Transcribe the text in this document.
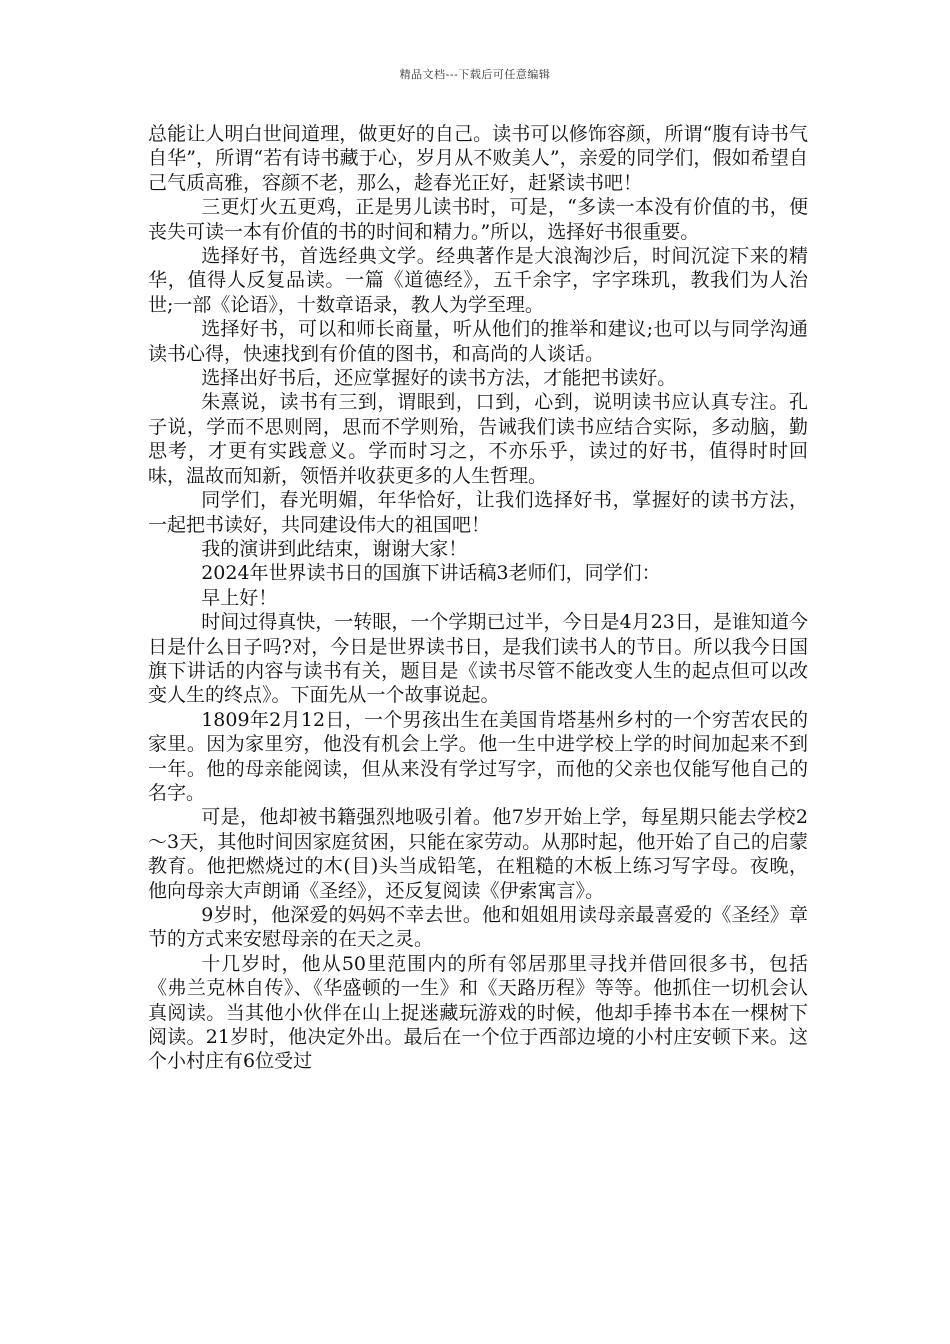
精品文档---下载后可任意编辑

总能让人明白世间道理，做更好的自己。读书可以修饰容颜，所谓“腹有诗书气自华”，所谓“若有诗书藏于心，岁月从不败美人”，亲爱的同学们，假如希望自己气质高雅，容颜不老，那么，趁春光正好，赶紧读书吧！

三更灯火五更鸡，正是男儿读书时，可是，“多读一本没有价值的书，便丧失可读一本有价值的书的时间和精力。”所以，选择好书很重要。

选择好书，首选经典文学。经典著作是大浪淘沙后，时间沉淀下来的精华，值得人反复品读。一篇《道德经》，五千余字，字字珠玑，教我们为人治世;一部《论语》，十数章语录，教人为学至理。

选择好书，可以和师长商量，听从他们的推举和建议;也可以与同学沟通读书心得，快速找到有价值的图书，和高尚的人谈话。

选择出好书后，还应掌握好的读书方法，才能把书读好。

朱熹说，读书有三到，谓眼到，口到，心到，说明读书应认真专注。孔子说，学而不思则罔，思而不学则殆，告诫我们读书应结合实际，多动脑，勤思考，才更有实践意义。学而时习之，不亦乐乎，读过的好书，值得时时回味，温故而知新，领悟并收获更多的人生哲理。

同学们，春光明媚，年华恰好，让我们选择好书，掌握好的读书方法，一起把书读好，共同建设伟大的祖国吧！

我的演讲到此结束，谢谢大家！

2024年世界读书日的国旗下讲话稿3老师们，同学们：

早上好！

时间过得真快，一转眼，一个学期已过半，今日是4月23日，是谁知道今日是什么日子吗?对，今日是世界读书日，是我们读书人的节日。所以我今日国旗下讲话的内容与读书有关，题目是《读书尽管不能改变人生的起点但可以改变人生的终点》。下面先从一个故事说起。

1809年2月12日，一个男孩出生在美国肯塔基州乡村的一个穷苦农民的家里。因为家里穷，他没有机会上学。他一生中进学校上学的时间加起来不到一年。他的母亲能阅读，但从来没有学过写字，而他的父亲也仅能写他自己的名字。

可是，他却被书籍强烈地吸引着。他7岁开始上学，每星期只能去学校2～3天，其他时间因家庭贫困，只能在家劳动。从那时起，他开始了自己的启蒙教育。他把燃烧过的木(目)头当成铅笔，在粗糙的木板上练习写字母。夜晚，他向母亲大声朗诵《圣经》，还反复阅读《伊索寓言》。

9岁时，他深爱的妈妈不幸去世。他和姐姐用读母亲最喜爱的《圣经》章节的方式来安慰母亲的在天之灵。

十几岁时，他从50里范围内的所有邻居那里寻找并借回很多书，包括《弗兰克林自传》、《华盛顿的一生》和《天路历程》等等。他抓住一切机会认真阅读。当其他小伙伴在山上捉迷藏玩游戏的时候，他却手捧书本在一棵树下阅读。21岁时，他决定外出。最后在一个位于西部边境的小村庄安顿下来。这个小村庄有6位受过
